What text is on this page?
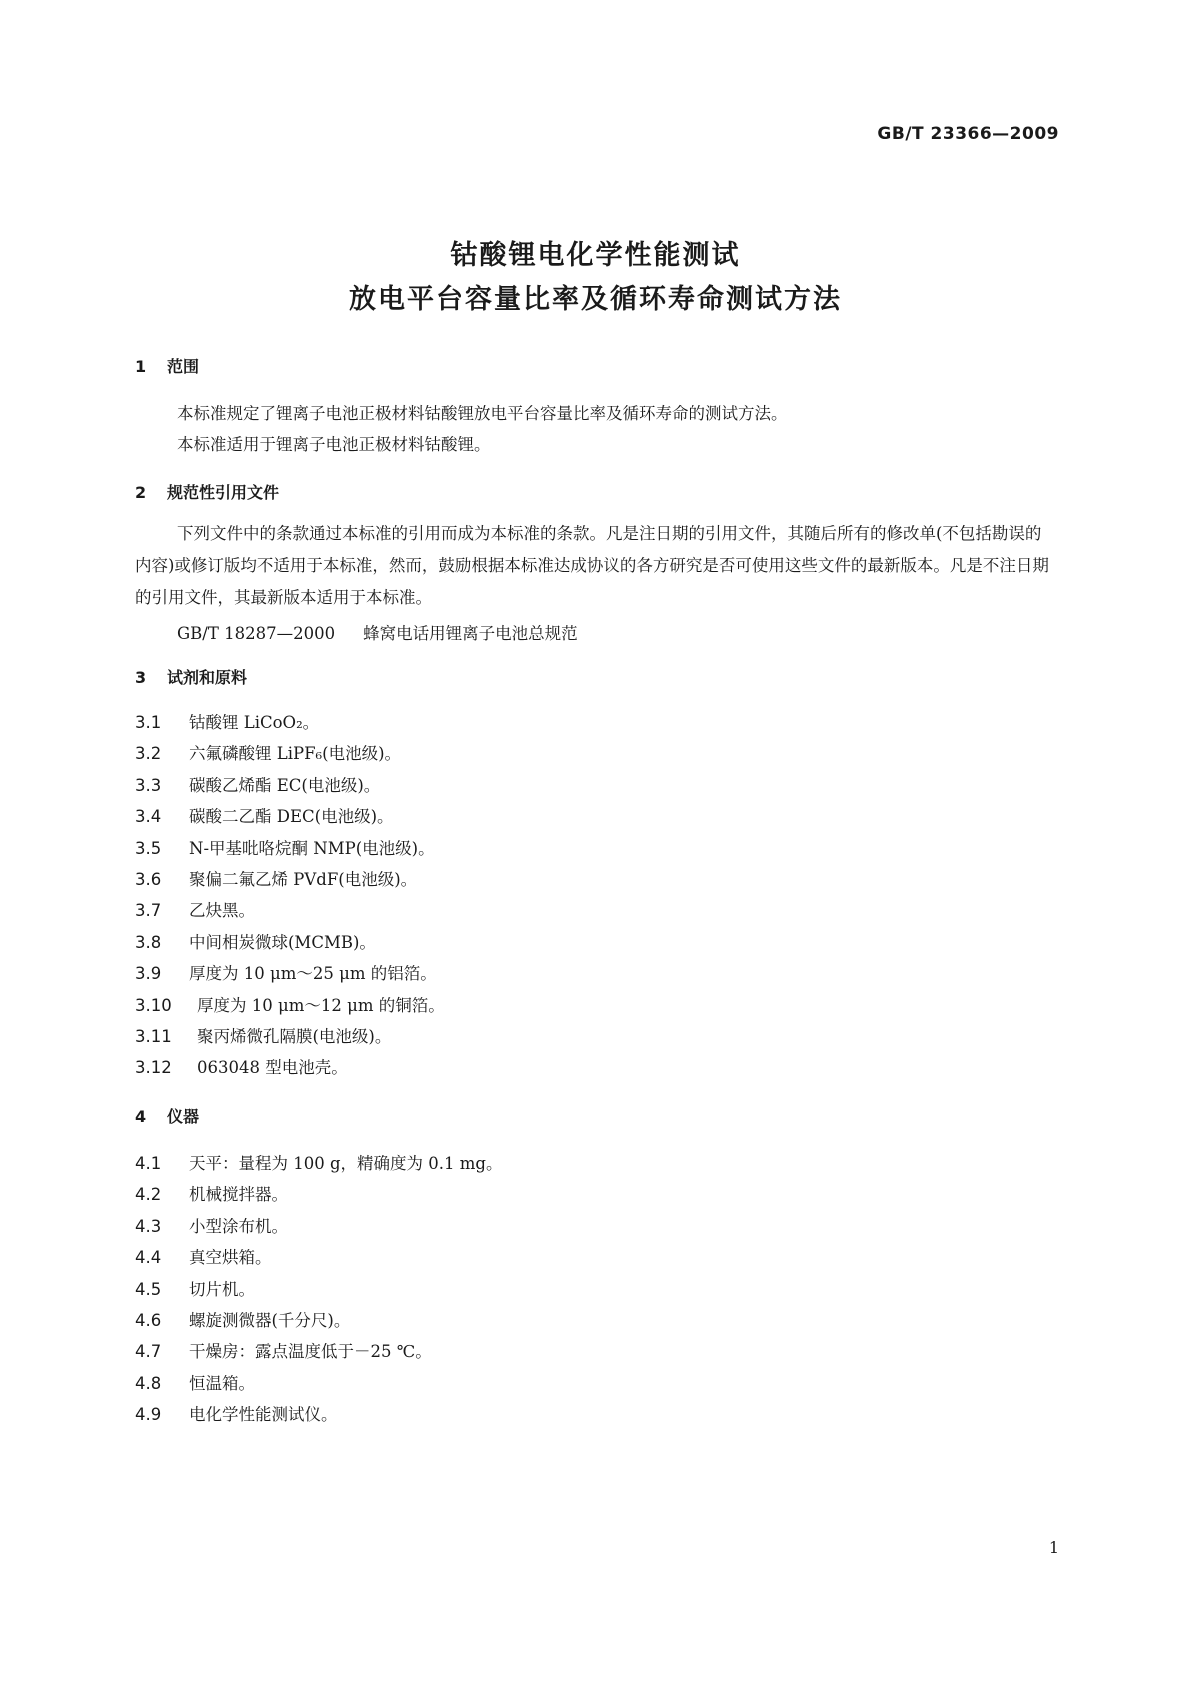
GB/T 23366—2009
钴酸锂电化学性能测试
放电平台容量比率及循环寿命测试方法
1 范围
本标准规定了锂离子电池正极材料钴酸锂放电平台容量比率及循环寿命的测试方法。
本标准适用于锂离子电池正极材料钴酸锂。
2 规范性引用文件
下列文件中的条款通过本标准的引用而成为本标准的条款。凡是注日期的引用文件，其随后所有的修改单(不包括勘误的内容)或修订版均不适用于本标准，然而，鼓励根据本标准达成协议的各方研究是否可使用这些文件的最新版本。凡是不注日期的引用文件，其最新版本适用于本标准。
GB/T 18287—2000 蜂窝电话用锂离子电池总规范
3 试剂和原料
3.1 钴酸锂 LiCoO₂。
3.2 六氟磷酸锂 LiPF₆(电池级)。
3.3 碳酸乙烯酯 EC(电池级)。
3.4 碳酸二乙酯 DEC(电池级)。
3.5 N-甲基吡咯烷酮 NMP(电池级)。
3.6 聚偏二氟乙烯 PVdF(电池级)。
3.7 乙炔黑。
3.8 中间相炭微球(MCMB)。
3.9 厚度为 10 μm～25 μm 的铝箔。
3.10 厚度为 10 μm～12 μm 的铜箔。
3.11 聚丙烯微孔隔膜(电池级)。
3.12 063048 型电池壳。
4 仪器
4.1 天平：量程为 100 g，精确度为 0.1 mg。
4.2 机械搅拌器。
4.3 小型涂布机。
4.4 真空烘箱。
4.5 切片机。
4.6 螺旋测微器(千分尺)。
4.7 干燥房：露点温度低于－25 ℃。
4.8 恒温箱。
4.9 电化学性能测试仪。
1
